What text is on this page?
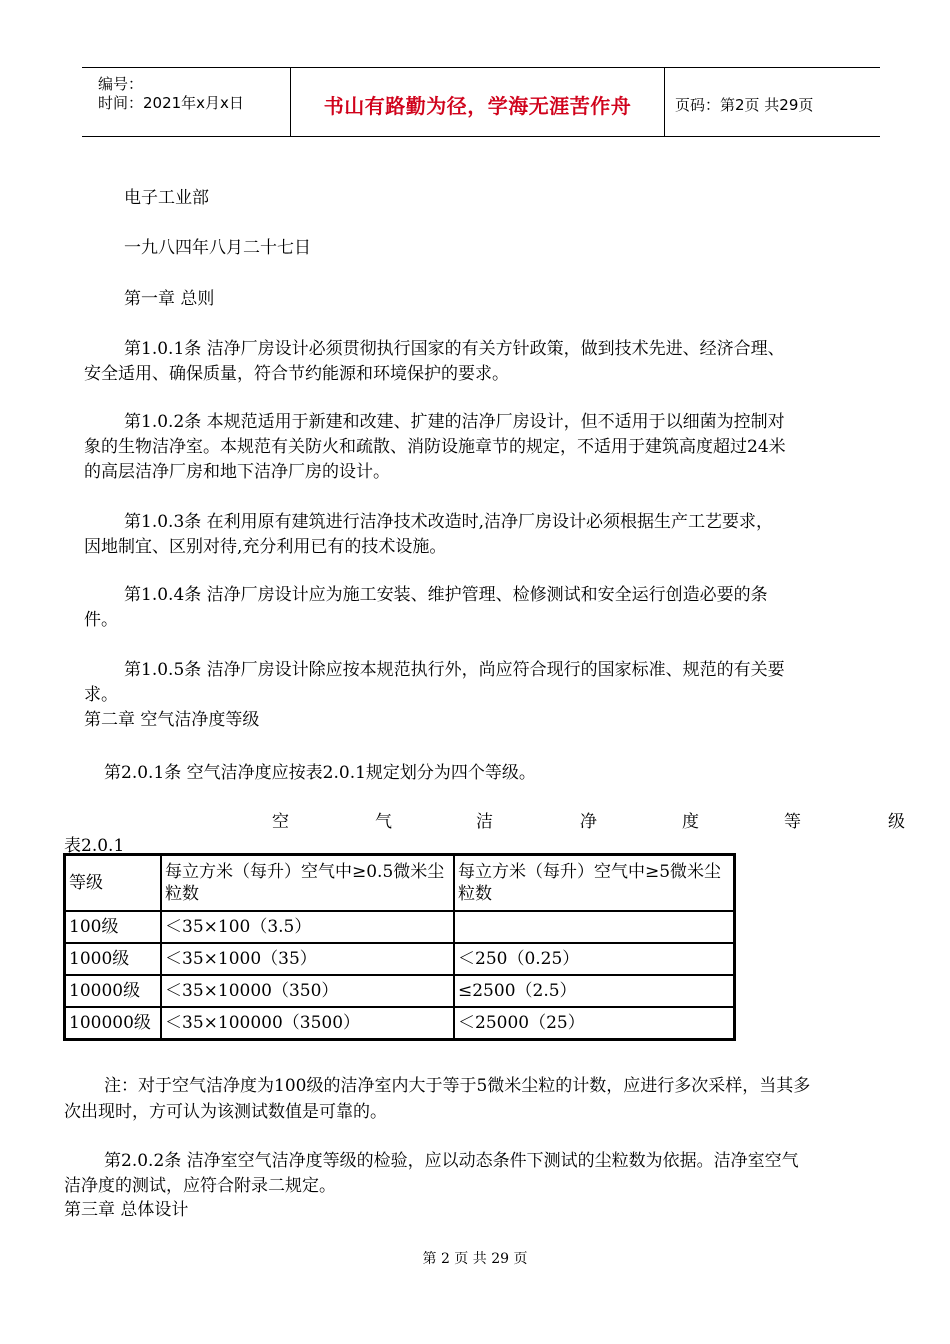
编号：
时间：2021年x月x日	书山有路勤为径，学海无涯苦作舟	页码：第2页 共29页
电子工业部
一九八四年八月二十七日
第一章 总则
第1.0.1条 洁净厂房设计必须贯彻执行国家的有关方针政策，做到技术先进、经济合理、
安全适用、确保质量，符合节约能源和环境保护的要求。
第1.0.2条 本规范适用于新建和改建、扩建的洁净厂房设计，但不适用于以细菌为控制对
象的生物洁净室。本规范有关防火和疏散、消防设施章节的规定，不适用于建筑高度超过24米
的高层洁净厂房和地下洁净厂房的设计。
第1.0.3条 在利用原有建筑进行洁净技术改造时,洁净厂房设计必须根据生产工艺要求，
因地制宜、区别对待,充分利用已有的技术设施。
第1.0.4条 洁净厂房设计应为施工安装、维护管理、检修测试和安全运行创造必要的条
件。
第1.0.5条 洁净厂房设计除应按本规范执行外，尚应符合现行的国家标准、规范的有关要
求。
第二章 空气洁净度等级
第2.0.1条 空气洁净度应按表2.0.1规定划分为四个等级。
空	气	洁	净	度	等	级
表2.0.1
等级	每立方米（每升）空气中≥0.5微米尘粒数	每立方米（每升）空气中≥5微米尘粒数
100级	＜35×100（3.5）	
1000级	＜35×1000（35）	＜250（0.25）
10000级	＜35×10000（350）	≤2500（2.5）
100000级	＜35×100000（3500）	＜25000（25）
注：对于空气洁净度为100级的洁净室内大于等于5微米尘粒的计数，应进行多次采样，当其多
次出现时，方可认为该测试数值是可靠的。
第2.0.2条 洁净室空气洁净度等级的检验，应以动态条件下测试的尘粒数为依据。洁净室空气
洁净度的测试，应符合附录二规定。
第三章 总体设计
第 2 页 共 29 页
